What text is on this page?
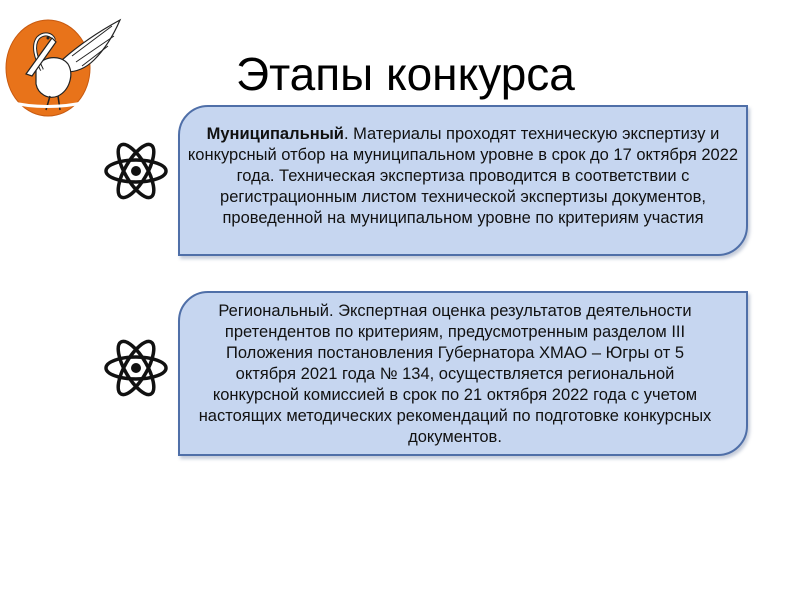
Этапы конкурса
Муниципальный. Материалы проходят техническую экспертизу и конкурсный отбор на муниципальном уровне в срок до 17 октября 2022 года. Техническая экспертиза проводится в соответствии с регистрационным листом технической экспертизы документов, проведенной на муниципальном уровне по критериям участия
Региональный. Экспертная оценка результатов деятельности претендентов по критериям, предусмотренным разделом III Положения постановления Губернатора ХМАО – Югры от 5 октября 2021 года № 134, осуществляется региональной конкурсной комиссией в срок по 21 октября 2022 года с учетом настоящих методических рекомендаций по подготовке конкурсных документов.
